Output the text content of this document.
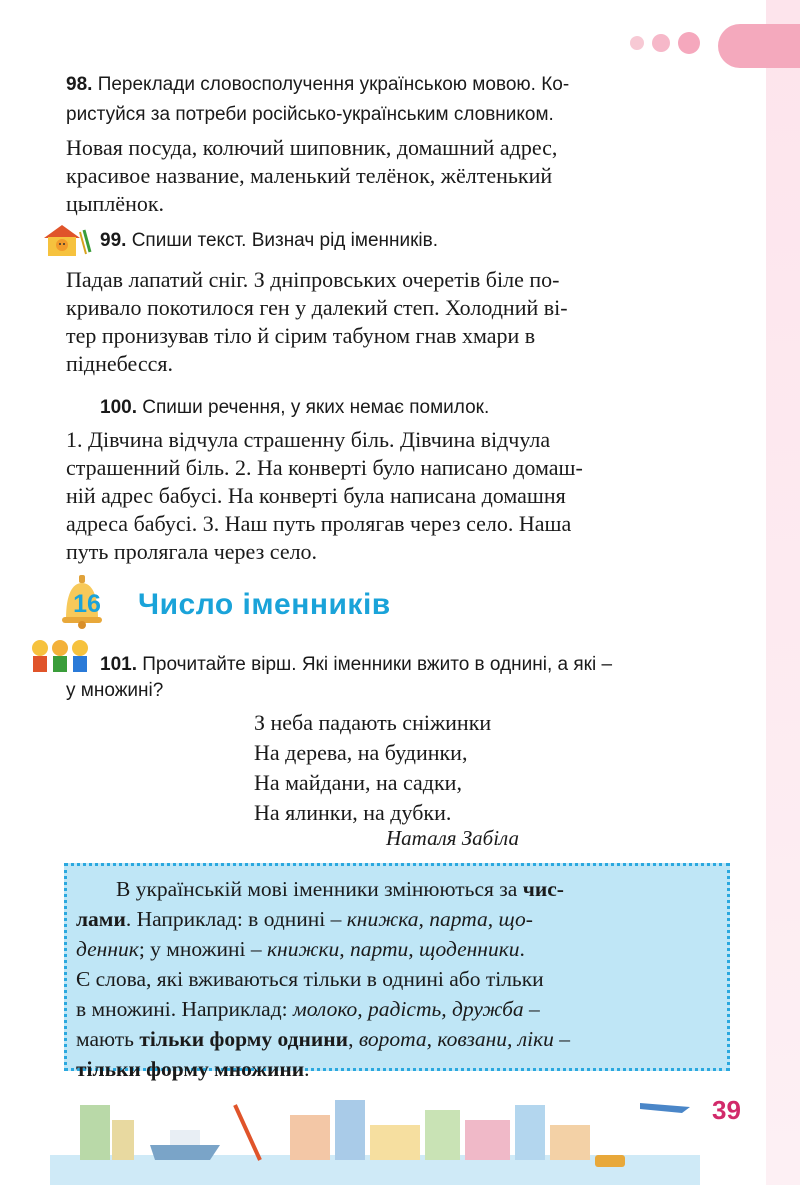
98. Переклади словосполучення українською мовою. Ко-
ристуйся за потреби російсько-українським словником.
Новая посуда, колючий шиповник, домашний адрес,
красивое название, маленький телёнок, жёлтенький
цыплёнок.
99. Спиши текст. Визнач рід іменників.
Падав лапатий сніг. З дніпровських очеретів біле по-
кривало покотилося ген у далекий степ. Холодний ві-
тер пронизував тіло й сірим табуном гнав хмари в
піднебесся.
100. Спиши речення, у яких немає помилок.
1. Дівчина відчула страшенну біль. Дівчина відчула
страшенний біль. 2. На конверті було написано домаш-
ній адрес бабусі. На конверті була написана домашня
адреса бабусі. 3. Наш путь пролягав через село. Наша
путь пролягала через село.
16 Число іменників
101. Прочитайте вірш. Які іменники вжито в однині, а які –
у множині?
З неба падають сніжинки
На дерева, на будинки,
На майдани, на садки,
На ялинки, на дубки.
Наталя Забіла
В українській мові іменники змінюються за чис-
лами. Наприклад: в однині – книжка, парта, що-
денник; у множині – книжки, парти, щоденники.
Є слова, які вживаються тільки в однині або тільки
в множині. Наприклад: молоко, радість, дружба –
мають тільки форму однини, ворота, ковзани, ліки –
тільки форму множини.
39
